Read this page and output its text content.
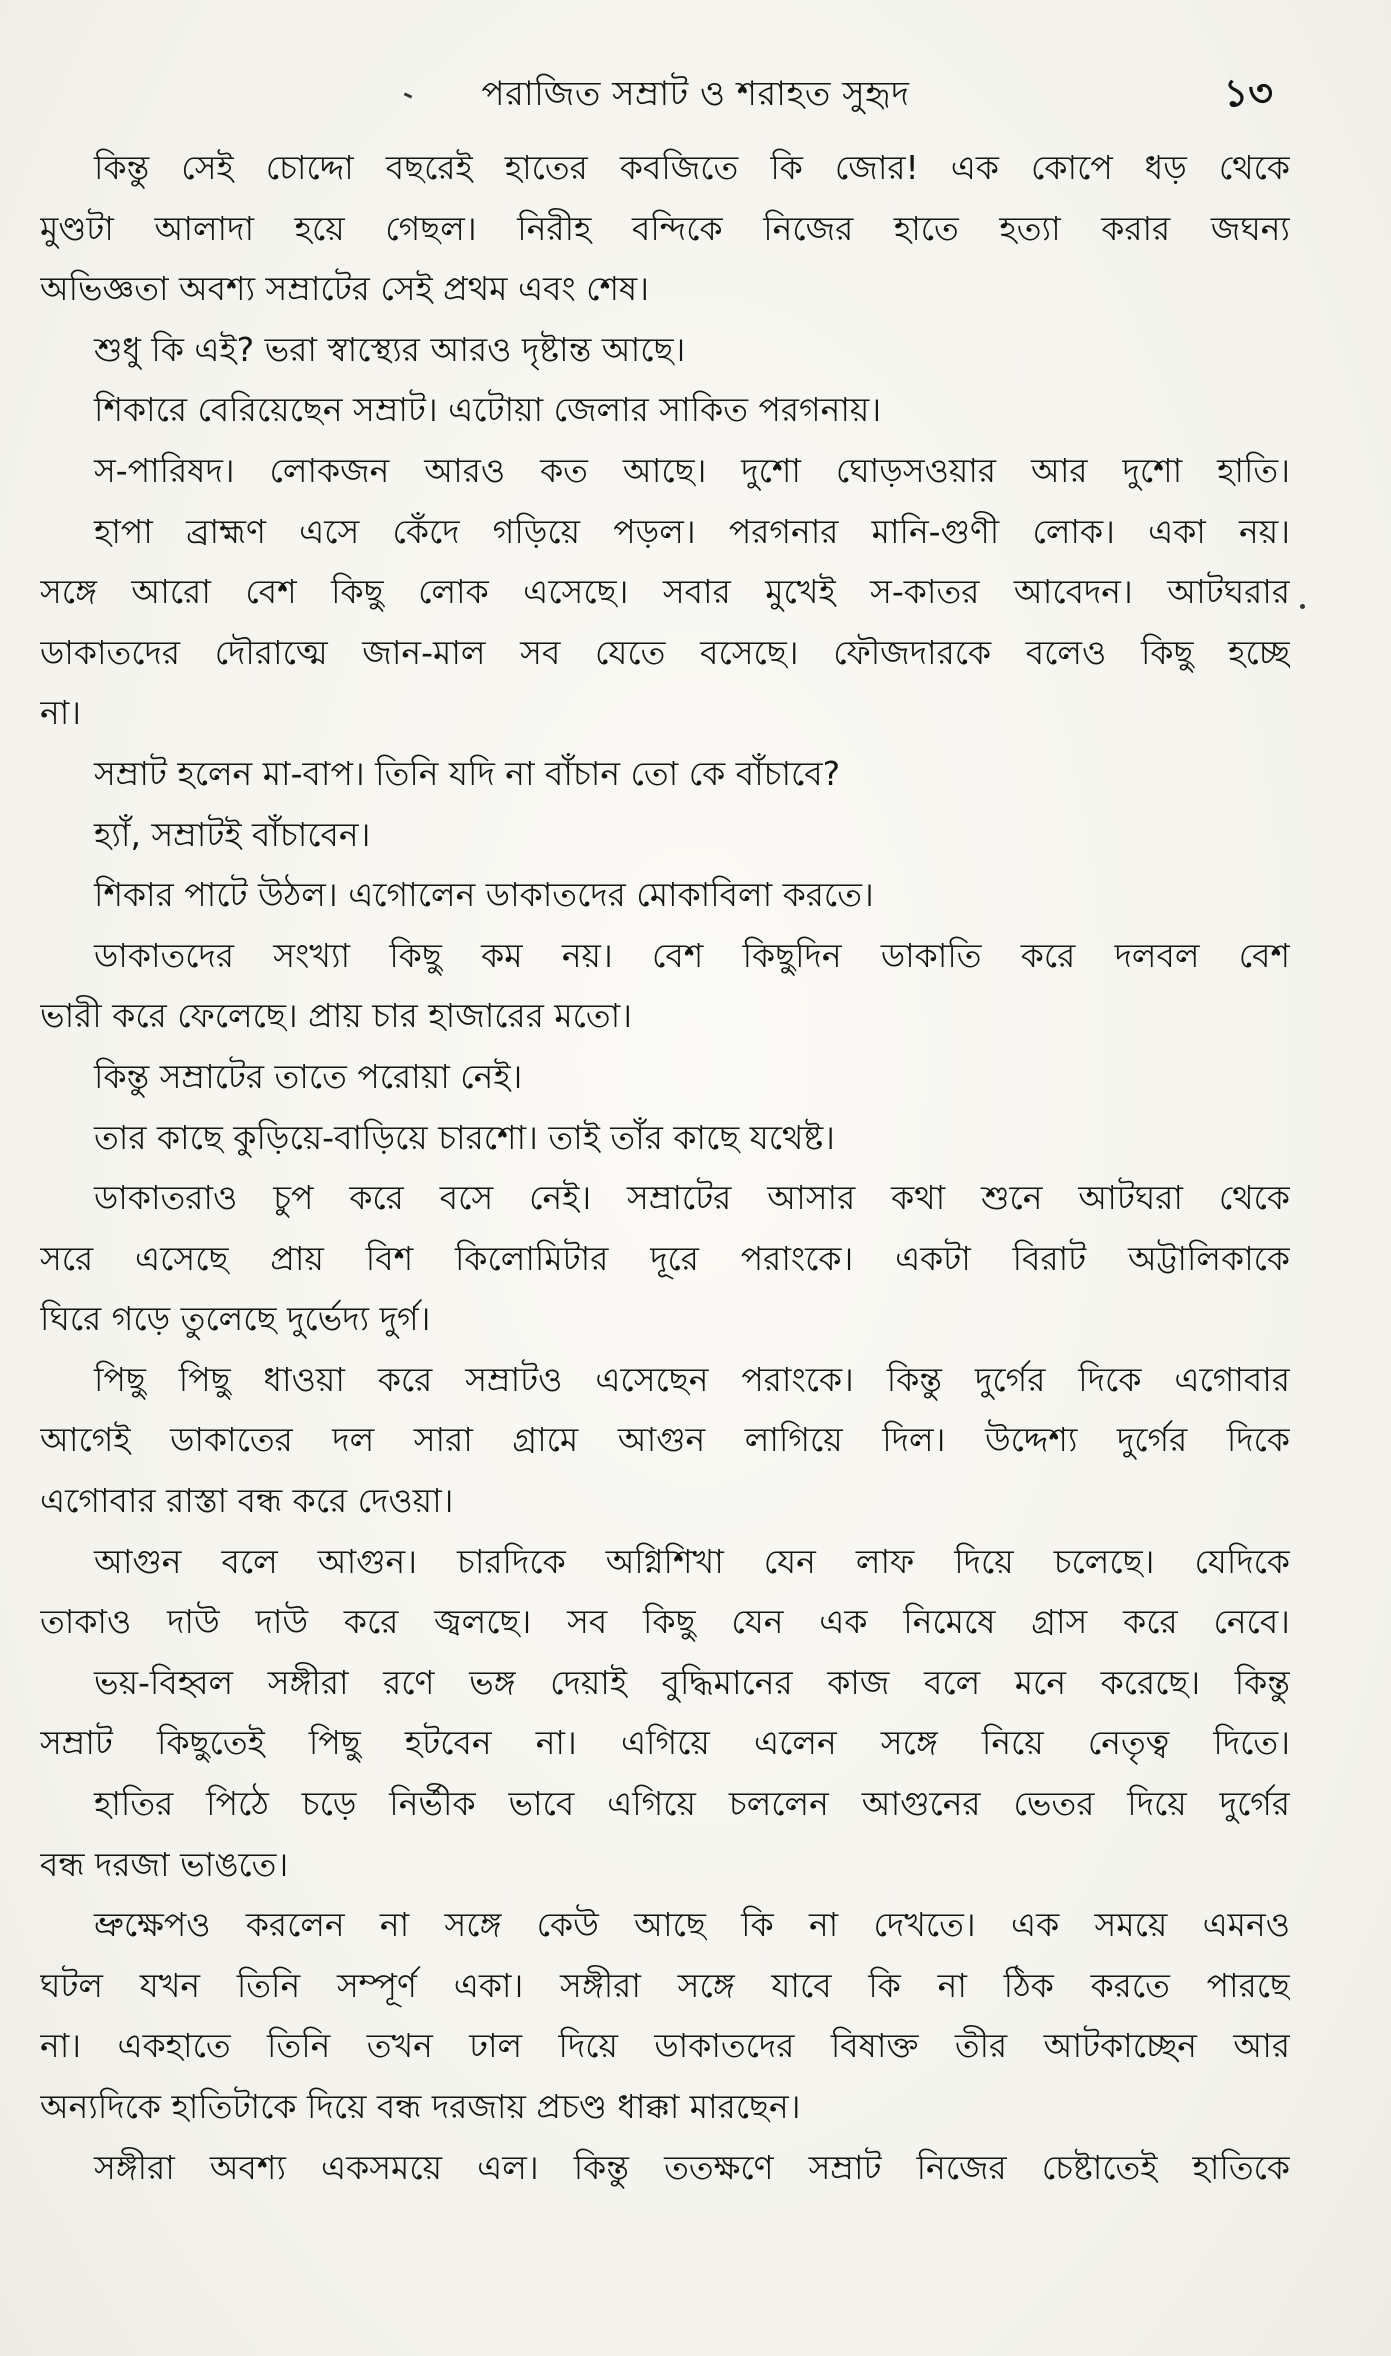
পরাজিত সম্রাট ও শরাহত সুহৃদ	১৩
কিন্তু সেই চোদ্দো বছরেই হাতের কবজিতে কি জোর! এক কোপে ধড় থেকে
মুণ্ডটা আলাদা হয়ে গেছল। নিরীহ বন্দিকে নিজের হাতে হত্যা করার জঘন্য
অভিজ্ঞতা অবশ্য সম্রাটের সেই প্রথম এবং শেষ।
শুধু কি এই? ভরা স্বাস্থ্যের আরও দৃষ্টান্ত আছে।
শিকারে বেরিয়েছেন সম্রাট। এটোয়া জেলার সাকিত পরগনায়।
স-পারিষদ। লোকজন আরও কত আছে। দুশো ঘোড়সওয়ার আর দুশো হাতি।
হাপা ব্রাহ্মণ এসে কেঁদে গড়িয়ে পড়ল। পরগনার মানি-গুণী লোক। একা নয়।
সঙ্গে আরো বেশ কিছু লোক এসেছে। সবার মুখেই স-কাতর আবেদন। আটঘরার
ডাকাতদের দৌরাত্মে জান-মাল সব যেতে বসেছে। ফৌজদারকে বলেও কিছু হচ্ছে
না।
সম্রাট হলেন মা-বাপ। তিনি যদি না বাঁচান তো কে বাঁচাবে?
হ্যাঁ, সম্রাটই বাঁচাবেন।
শিকার পাটে উঠল। এগোলেন ডাকাতদের মোকাবিলা করতে।
ডাকাতদের সংখ্যা কিছু কম নয়। বেশ কিছুদিন ডাকাতি করে দলবল বেশ
ভারী করে ফেলেছে। প্রায় চার হাজারের মতো।
কিন্তু সম্রাটের তাতে পরোয়া নেই।
তার কাছে কুড়িয়ে-বাড়িয়ে চারশো। তাই তাঁর কাছে যথেষ্ট।
ডাকাতরাও চুপ করে বসে নেই। সম্রাটের আসার কথা শুনে আটঘরা থেকে
সরে এসেছে প্রায় বিশ কিলোমিটার দূরে পরাংকে। একটা বিরাট অট্টালিকাকে
ঘিরে গড়ে তুলেছে দুর্ভেদ্য দুর্গ।
পিছু পিছু ধাওয়া করে সম্রাটও এসেছেন পরাংকে। কিন্তু দুর্গের দিকে এগোবার
আগেই ডাকাতের দল সারা গ্রামে আগুন লাগিয়ে দিল। উদ্দেশ্য দুর্গের দিকে
এগোবার রাস্তা বন্ধ করে দেওয়া।
আগুন বলে আগুন। চারদিকে অগ্নিশিখা যেন লাফ দিয়ে চলেছে। যেদিকে
তাকাও দাউ দাউ করে জ্বলছে। সব কিছু যেন এক নিমেষে গ্রাস করে নেবে।
ভয়-বিহ্বল সঙ্গীরা রণে ভঙ্গ দেয়াই বুদ্ধিমানের কাজ বলে মনে করেছে। কিন্তু
সম্রাট কিছুতেই পিছু হটবেন না। এগিয়ে এলেন সঙ্গে নিয়ে নেতৃত্ব দিতে।
হাতির পিঠে চড়ে নির্ভীক ভাবে এগিয়ে চললেন আগুনের ভেতর দিয়ে দুর্গের
বন্ধ দরজা ভাঙতে।
ভ্রুক্ষেপও করলেন না সঙ্গে কেউ আছে কি না দেখতে। এক সময়ে এমনও
ঘটল যখন তিনি সম্পূর্ণ একা। সঙ্গীরা সঙ্গে যাবে কি না ঠিক করতে পারছে
না। একহাতে তিনি তখন ঢাল দিয়ে ডাকাতদের বিষাক্ত তীর আটকাচ্ছেন আর
অন্যদিকে হাতিটাকে দিয়ে বন্ধ দরজায় প্রচণ্ড ধাক্কা মারছেন।
সঙ্গীরা অবশ্য একসময়ে এল। কিন্তু ততক্ষণে সম্রাট নিজের চেষ্টাতেই হাতিকে
